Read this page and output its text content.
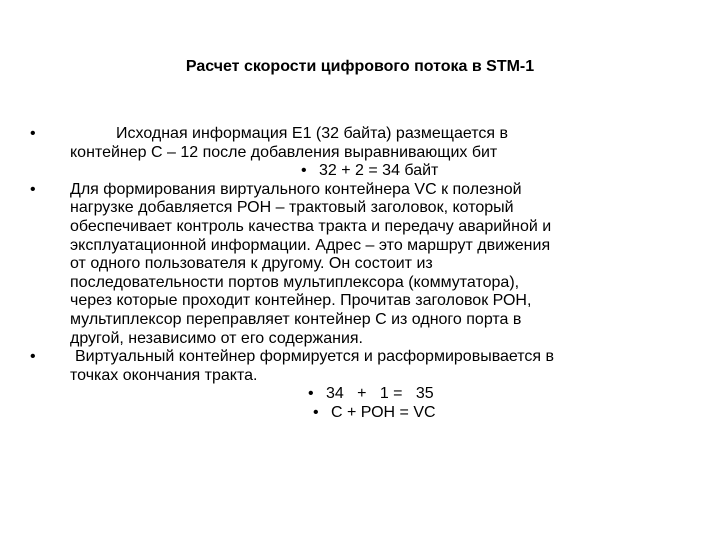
Расчет скорости цифрового потока в STM-1
•	Исходная информация Е1 (32 байта) размещается в
контейнер С – 12 после добавления выравнивающих бит
• 32 + 2 = 34 байт
•	Для формирования виртуального контейнера VC к полезной
нагрузке добавляется РОН – трактовый заголовок, который
обеспечивает контроль качества тракта и передачу аварийной и
эксплуатационной информации. Адрес – это маршрут движения
от одного пользователя к другому. Он состоит из
последовательности портов мультиплексора (коммутатора),
через которые проходит контейнер. Прочитав заголовок РОН,
мультиплексор переправляет контейнер С из одного порта в
другой, независимо от его содержания.
•	Виртуальный контейнер формируется и расформировывается в
точках окончания тракта.
• 34   +   1 =   35
• С + РОН = VC
